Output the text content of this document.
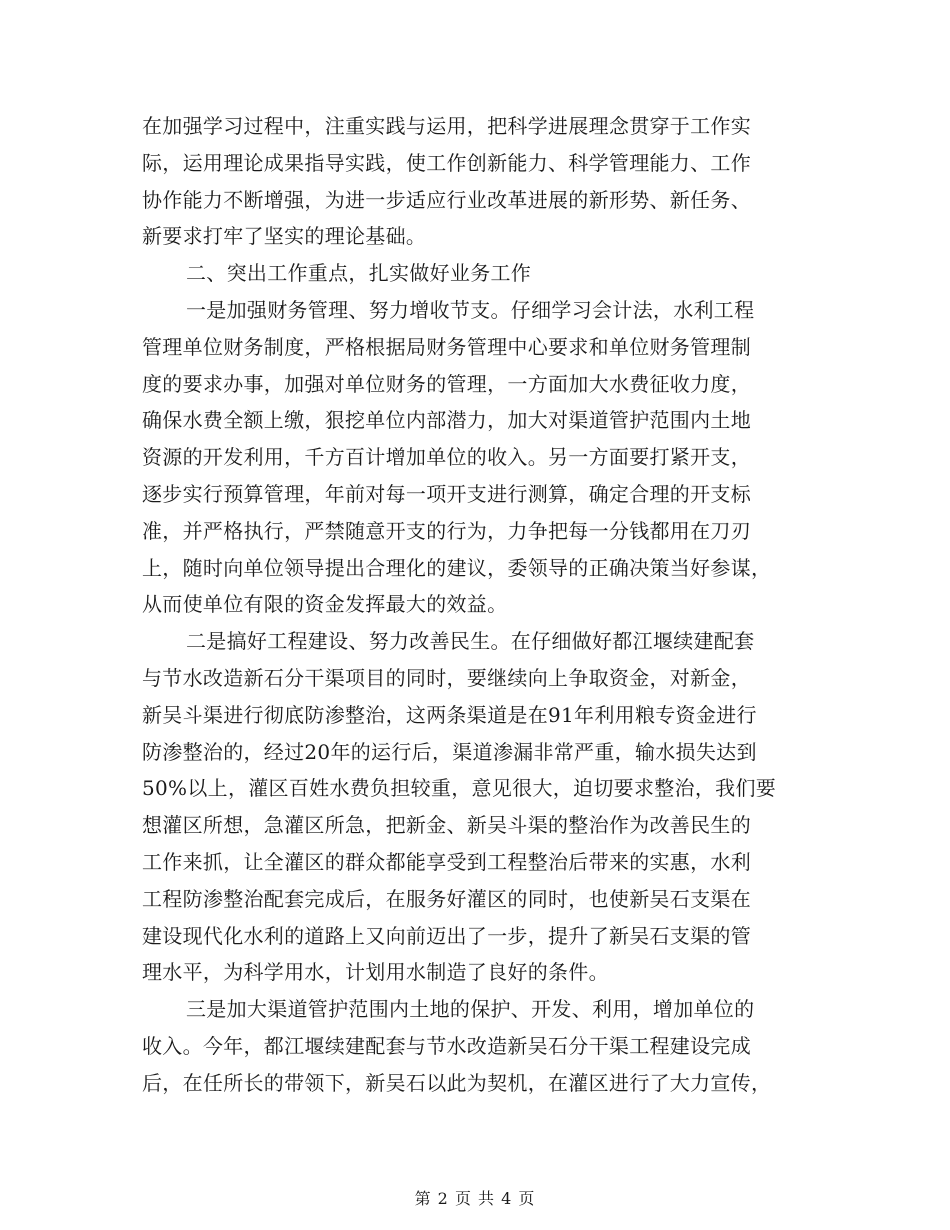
在加强学习过程中，注重实践与运用，把科学进展理念贯穿于工作实
际，运用理论成果指导实践，使工作创新能力、科学管理能力、工作
协作能力不断增强，为进一步适应行业改革进展的新形势、新任务、
新要求打牢了坚实的理论基础。
二、突出工作重点，扎实做好业务工作
一是加强财务管理、努力增收节支。仔细学习会计法，水利工程
管理单位财务制度，严格根据局财务管理中心要求和单位财务管理制
度的要求办事，加强对单位财务的管理，一方面加大水费征收力度，
确保水费全额上缴，狠挖单位内部潜力，加大对渠道管护范围内土地
资源的开发利用，千方百计增加单位的收入。另一方面要打紧开支，
逐步实行预算管理，年前对每一项开支进行测算，确定合理的开支标
准，并严格执行，严禁随意开支的行为，力争把每一分钱都用在刀刃
上，随时向单位领导提出合理化的建议，委领导的正确决策当好参谋，
从而使单位有限的资金发挥最大的效益。
二是搞好工程建设、努力改善民生。在仔细做好都江堰续建配套
与节水改造新石分干渠项目的同时，要继续向上争取资金，对新金，
新吴斗渠进行彻底防渗整治，这两条渠道是在91年利用粮专资金进行
防渗整治的，经过20年的运行后，渠道渗漏非常严重，输水损失达到
50%以上，灌区百姓水费负担较重，意见很大，迫切要求整治，我们要
想灌区所想，急灌区所急，把新金、新吴斗渠的整治作为改善民生的
工作来抓，让全灌区的群众都能享受到工程整治后带来的实惠，水利
工程防渗整治配套完成后，在服务好灌区的同时，也使新吴石支渠在
建设现代化水利的道路上又向前迈出了一步，提升了新吴石支渠的管
理水平，为科学用水，计划用水制造了良好的条件。
三是加大渠道管护范围内土地的保护、开发、利用，增加单位的
收入。今年，都江堰续建配套与节水改造新吴石分干渠工程建设完成
后，在任所长的带领下，新吴石以此为契机，在灌区进行了大力宣传，
第 2 页 共 4 页
